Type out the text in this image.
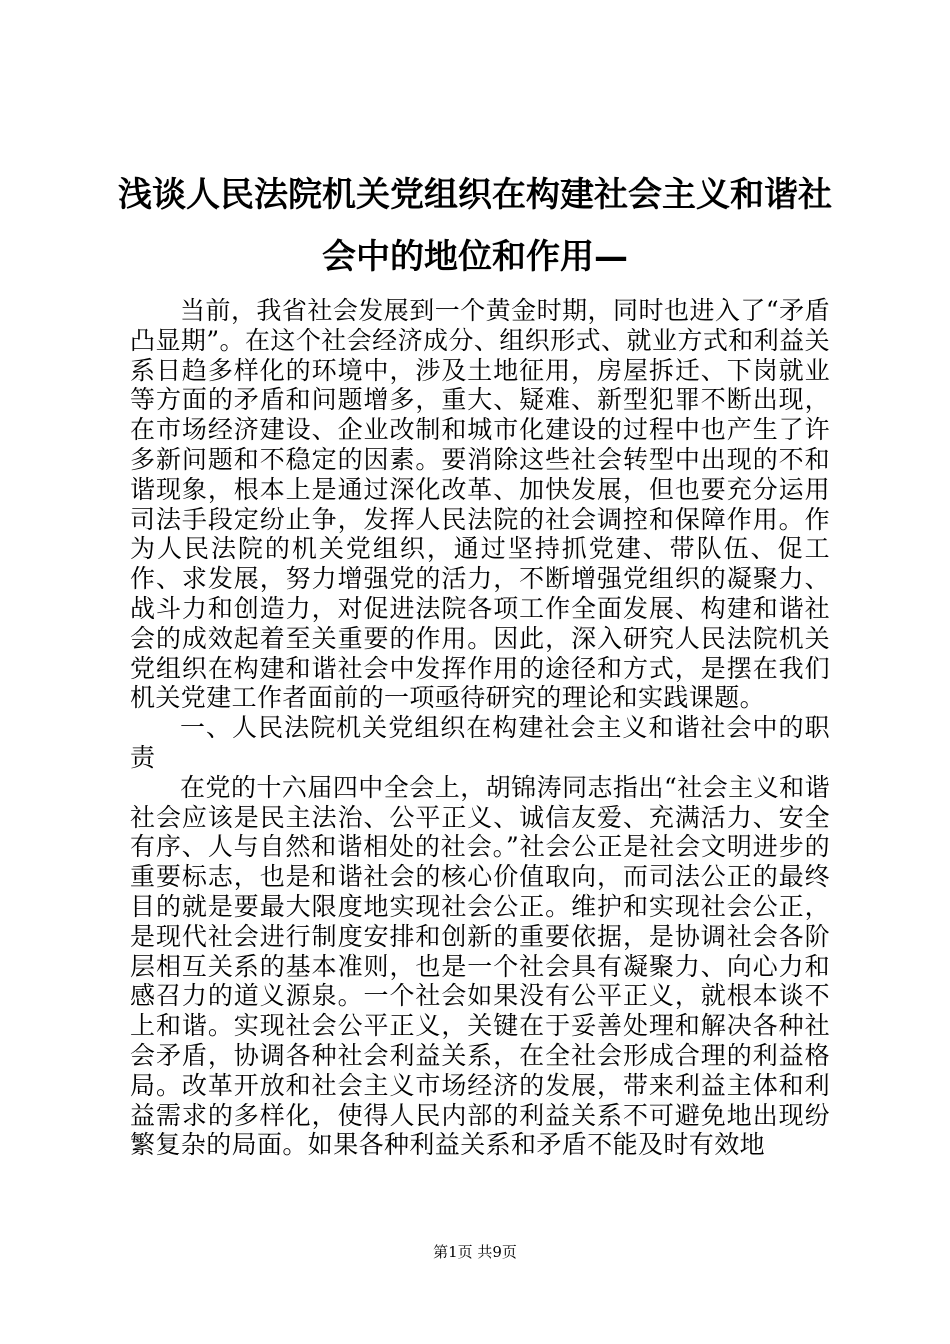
浅谈人民法院机关党组织在构建社会主义和谐社会中的地位和作用—

当前，我省社会发展到一个黄金时期，同时也进入了“矛盾凸显期”。在这个社会经济成分、组织形式、就业方式和利益关系日趋多样化的环境中，涉及土地征用，房屋拆迁、下岗就业等方面的矛盾和问题增多，重大、疑难、新型犯罪不断出现，在市场经济建设、企业改制和城市化建设的过程中也产生了许多新问题和不稳定的因素。要消除这些社会转型中出现的不和谐现象，根本上是通过深化改革、加快发展，但也要充分运用司法手段定纷止争，发挥人民法院的社会调控和保障作用。作为人民法院的机关党组织，通过坚持抓党建、带队伍、促工作、求发展，努力增强党的活力，不断增强党组织的凝聚力、战斗力和创造力，对促进法院各项工作全面发展、构建和谐社会的成效起着至关重要的作用。因此，深入研究人民法院机关党组织在构建和谐社会中发挥作用的途径和方式，是摆在我们机关党建工作者面前的一项亟待研究的理论和实践课题。

一、人民法院机关党组织在构建社会主义和谐社会中的职责

在党的十六届四中全会上，胡锦涛同志指出“社会主义和谐社会应该是民主法治、公平正义、诚信友爱、充满活力、安全有序、人与自然和谐相处的社会。”社会公正是社会文明进步的重要标志，也是和谐社会的核心价值取向，而司法公正的最终目的就是要最大限度地实现社会公正。维护和实现社会公正，是现代社会进行制度安排和创新的重要依据，是协调社会各阶层相互关系的基本准则，也是一个社会具有凝聚力、向心力和感召力的道义源泉。一个社会如果没有公平正义，就根本谈不上和谐。实现社会公平正义，关键在于妥善处理和解决各种社会矛盾，协调各种社会利益关系，在全社会形成合理的利益格局。改革开放和社会主义市场经济的发展，带来利益主体和利益需求的多样化，使得人民内部的利益关系不可避免地出现纷繁复杂的局面。如果各种利益关系和矛盾不能及时有效地

第1页 共9页
